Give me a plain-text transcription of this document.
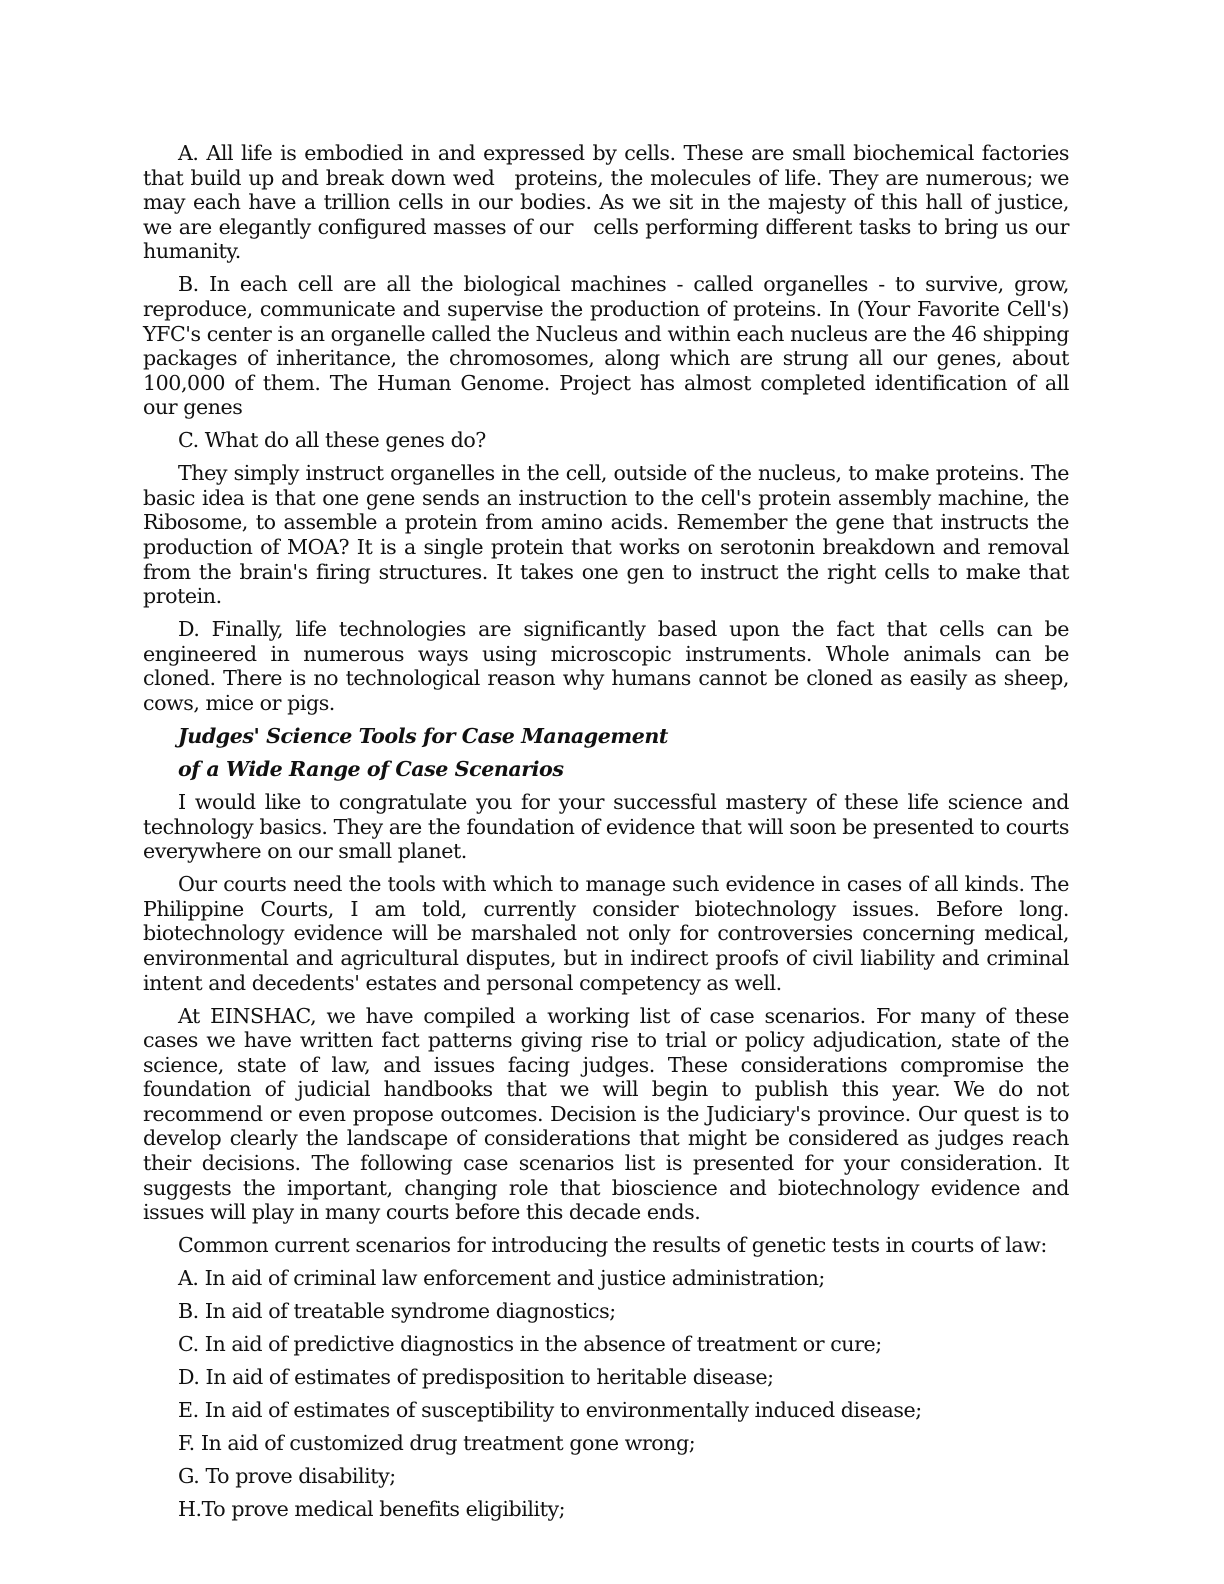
A. All life is embodied in and expressed by cells. These are small biochemical factories that build up and break down wed proteins, the molecules of life. They are numerous; we may each have a trillion cells in our bodies. As we sit in the majesty of this hall of justice, we are elegantly configured masses of our cells performing different tasks to bring us our humanity.

B. In each cell are all the biological machines - called organelles - to survive, grow, reproduce, communicate and supervise the production of proteins. In (Your Favorite Cell's) YFC's center is an organelle called the Nucleus and within each nucleus are the 46 shipping packages of inheritance, the chromosomes, along which are strung all our genes, about 100,000 of them. The Human Genome. Project has almost completed identification of all our genes

C. What do all these genes do?

They simply instruct organelles in the cell, outside of the nucleus, to make proteins. The basic idea is that one gene sends an instruction to the cell's protein assembly machine, the Ribosome, to assemble a protein from amino acids. Remember the gene that instructs the production of MOA? It is a single protein that works on serotonin breakdown and removal from the brain's firing structures. It takes one gen to instruct the right cells to make that protein.

D. Finally, life technologies are significantly based upon the fact that cells can be engineered in numerous ways using microscopic instruments. Whole animals can be cloned. There is no technological reason why humans cannot be cloned as easily as sheep, cows, mice or pigs.

Judges' Science Tools for Case Management

of a Wide Range of Case Scenarios

I would like to congratulate you for your successful mastery of these life science and technology basics. They are the foundation of evidence that will soon be presented to courts everywhere on our small planet.

Our courts need the tools with which to manage such evidence in cases of all kinds. The Philippine Courts, I am told, currently consider biotechnology issues. Before long. biotechnology evidence will be marshaled not only for controversies concerning medical, environmental and agricultural disputes, but in indirect proofs of civil liability and criminal intent and decedents' estates and personal competency as well.

At EINSHAC, we have compiled a working list of case scenarios. For many of these cases we have written fact patterns giving rise to trial or policy adjudication, state of the science, state of law, and issues facing judges. These considerations compromise the foundation of judicial handbooks that we will begin to publish this year. We do not recommend or even propose outcomes. Decision is the Judiciary's province. Our quest is to develop clearly the landscape of considerations that might be considered as judges reach their decisions. The following case scenarios list is presented for your consideration. It suggests the important, changing role that bioscience and biotechnology evidence and issues will play in many courts before this decade ends.

Common current scenarios for introducing the results of genetic tests in courts of law:

A. In aid of criminal law enforcement and justice administration;

B. In aid of treatable syndrome diagnostics;

C. In aid of predictive diagnostics in the absence of treatment or cure;

D. In aid of estimates of predisposition to heritable disease;

E. In aid of estimates of susceptibility to environmentally induced disease;

F. In aid of customized drug treatment gone wrong;

G. To prove disability;

H.To prove medical benefits eligibility;
